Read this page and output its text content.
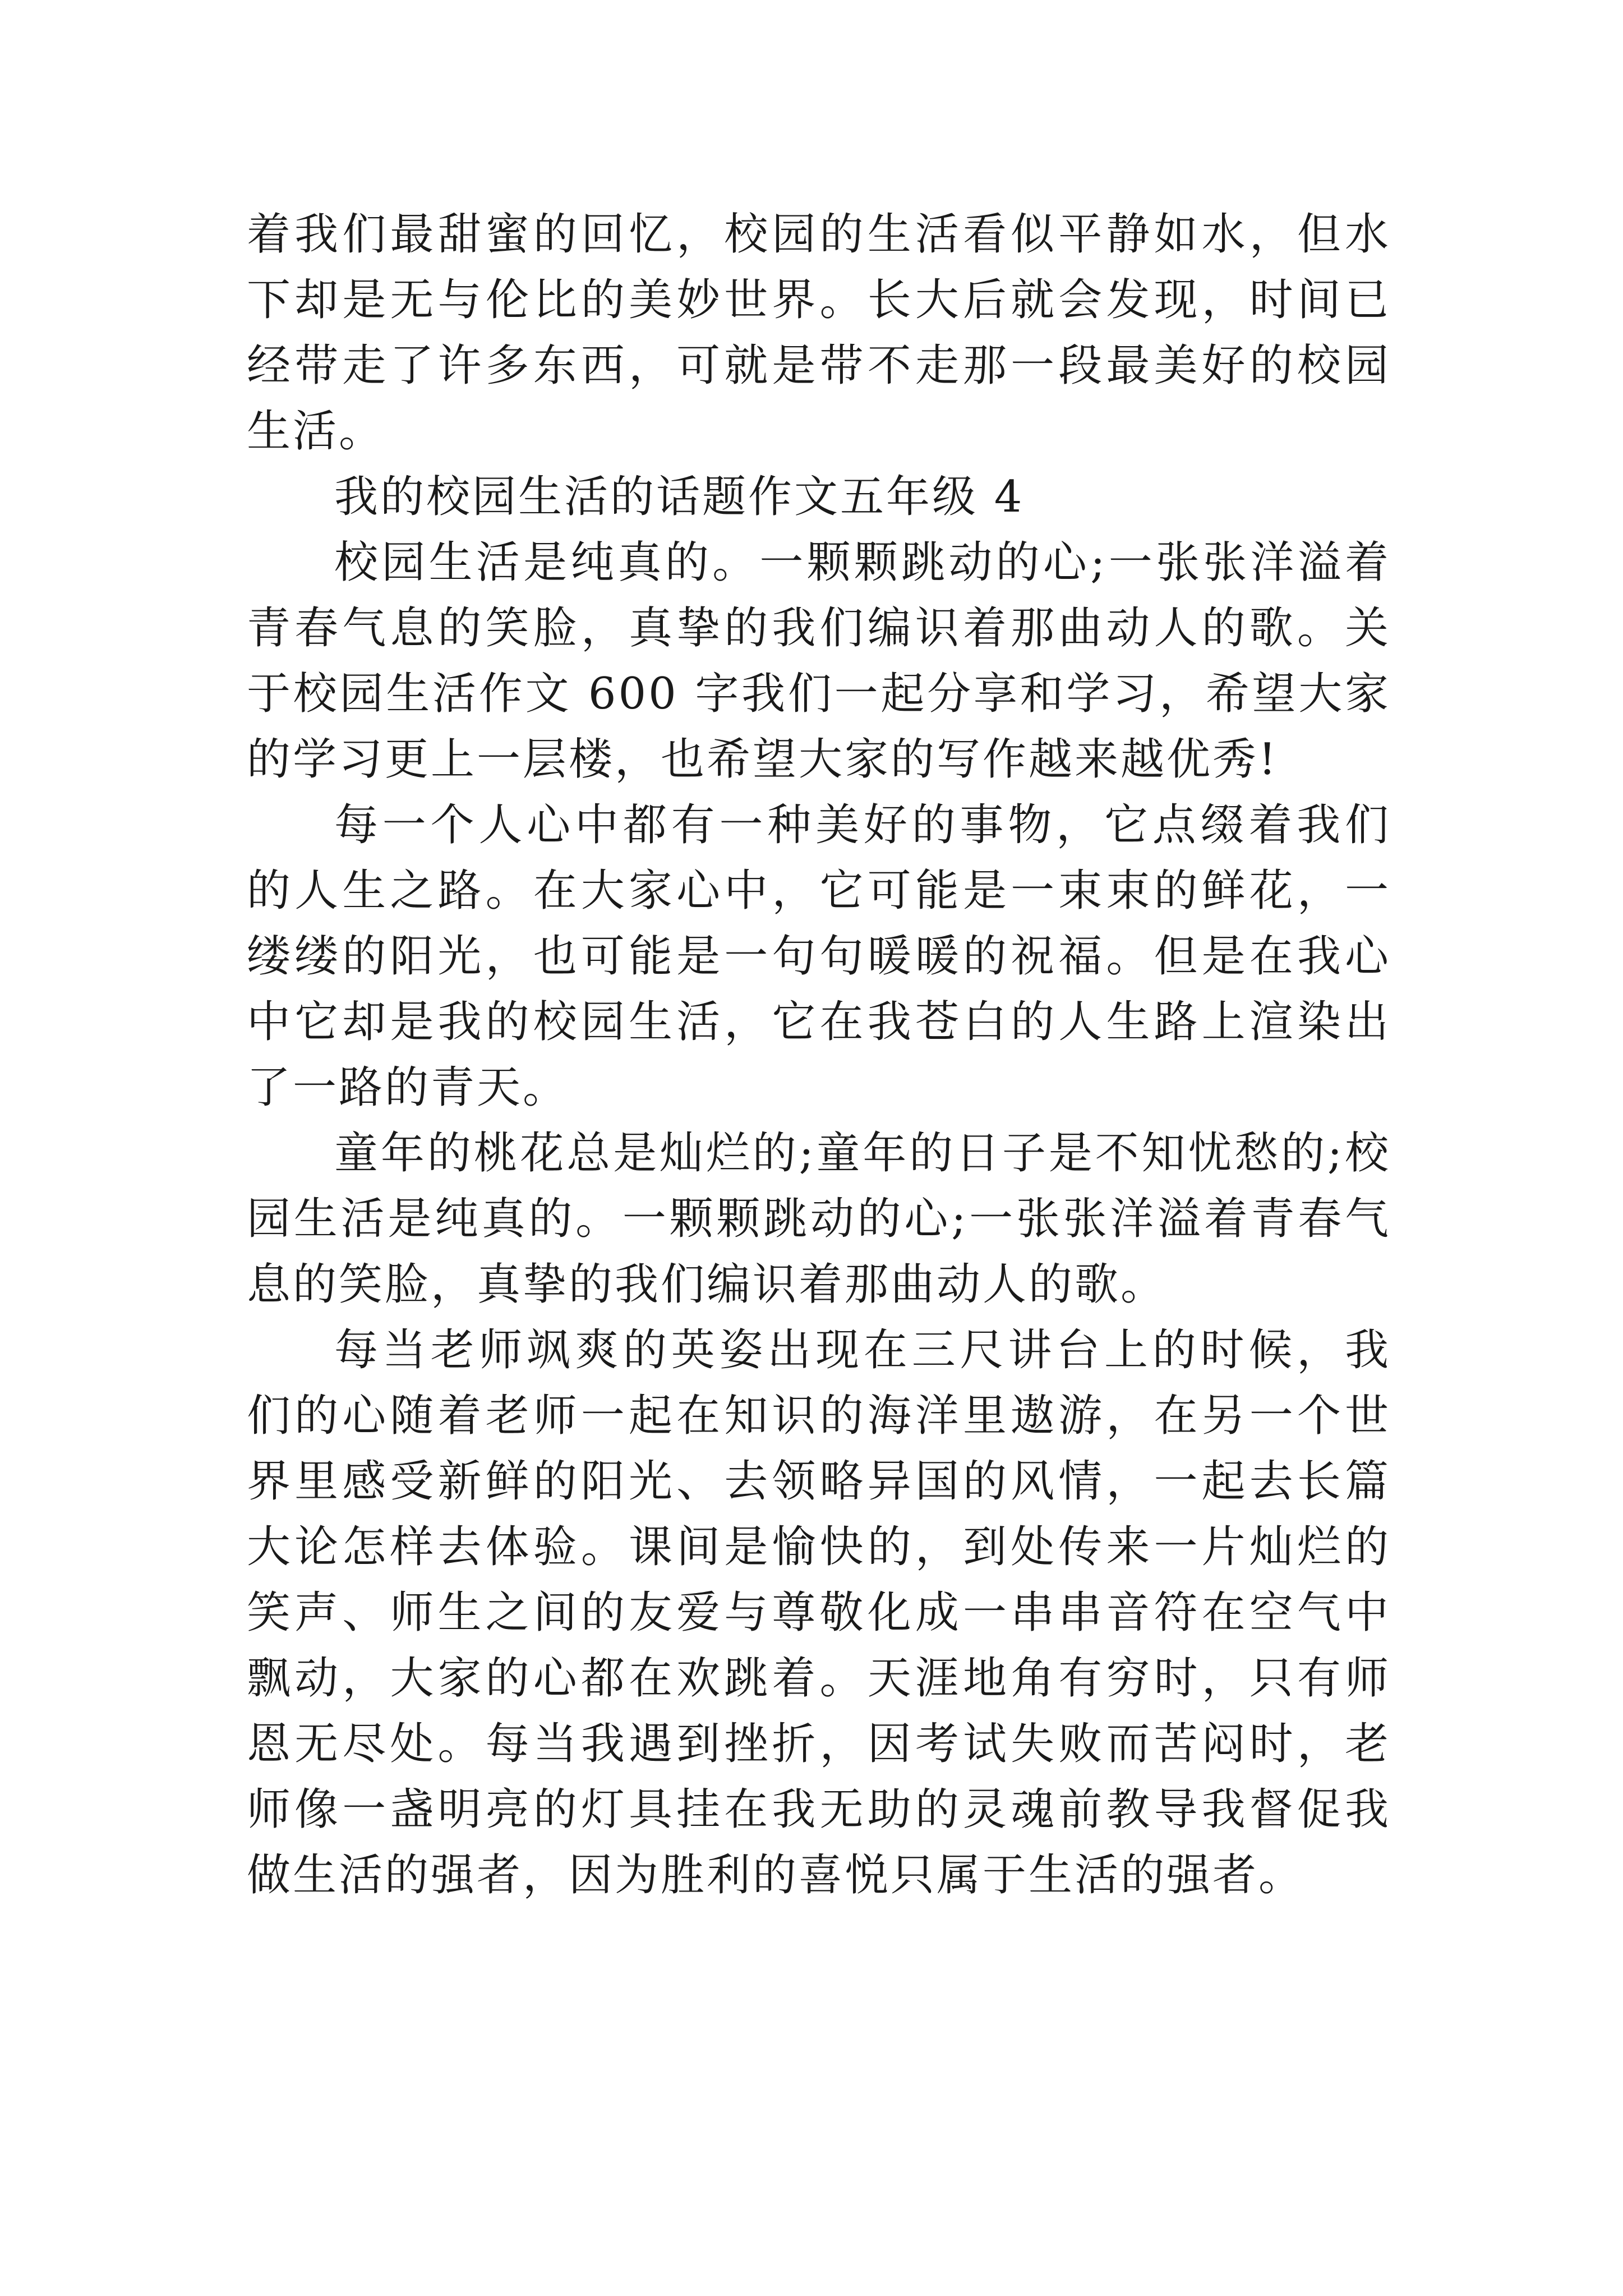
着我们最甜蜜的回忆，校园的生活看似平静如水，但水下却是无与伦比的美妙世界。长大后就会发现，时间已经带走了许多东西，可就是带不走那一段最美好的校园生活。

我的校园生活的话题作文五年级 4

校园生活是纯真的。一颗颗跳动的心;一张张洋溢着青春气息的笑脸，真挚的我们编识着那曲动人的歌。关于校园生活作文 600 字我们一起分享和学习，希望大家的学习更上一层楼，也希望大家的写作越来越优秀!

每一个人心中都有一种美好的事物，它点缀着我们的人生之路。在大家心中，它可能是一束束的鲜花，一缕缕的阳光，也可能是一句句暖暖的祝福。但是在我心中它却是我的校园生活，它在我苍白的人生路上渲染出了一路的青天。

童年的桃花总是灿烂的;童年的日子是不知忧愁的;校园生活是纯真的。一颗颗跳动的心;一张张洋溢着青春气息的笑脸，真挚的我们编识着那曲动人的歌。

每当老师飒爽的英姿出现在三尺讲台上的时候，我们的心随着老师一起在知识的海洋里遨游，在另一个世界里感受新鲜的阳光、去领略异国的风情，一起去长篇大论怎样去体验。课间是愉快的，到处传来一片灿烂的笑声、师生之间的友爱与尊敬化成一串串音符在空气中飘动，大家的心都在欢跳着。天涯地角有穷时，只有师恩无尽处。每当我遇到挫折，因考试失败而苦闷时，老师像一盏明亮的灯具挂在我无助的灵魂前教导我督促我做生活的强者，因为胜利的喜悦只属于生活的强者。
